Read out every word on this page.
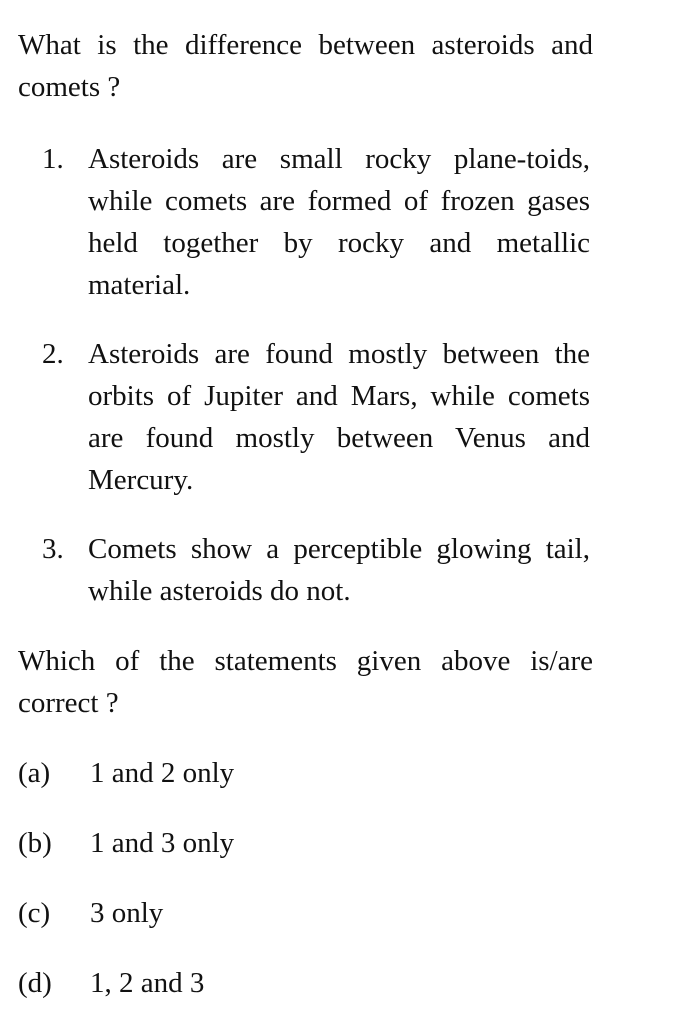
What is the difference between asteroids and comets ?

1. Asteroids are small rocky plane-toids, while comets are formed of frozen gases held together by rocky and metallic material.
2. Asteroids are found mostly between the orbits of Jupiter and Mars, while comets are found mostly between Venus and Mercury.
3. Comets show a perceptible glowing tail, while asteroids do not.

Which of the statements given above is/are correct ?

(a) 1 and 2 only
(b) 1 and 3 only
(c) 3 only
(d) 1, 2 and 3
